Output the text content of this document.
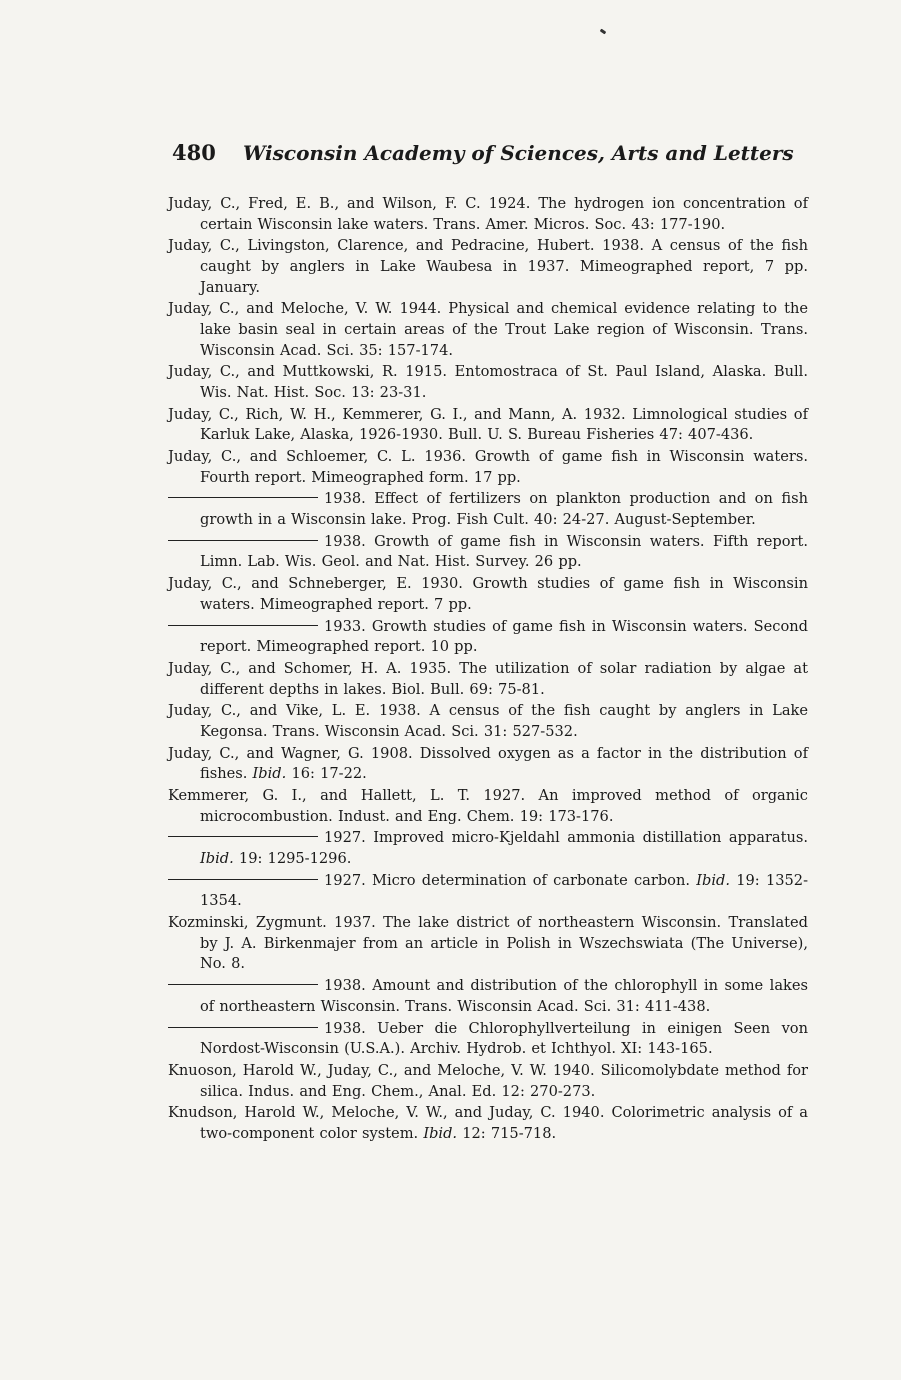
480 Wisconsin Academy of Sciences, Arts and Letters

Juday, C., Fred, E. B., and Wilson, F. C. 1924. The hydrogen ion concentration of certain Wisconsin lake waters. Trans. Amer. Micros. Soc. 43: 177-190.

Juday, C., Livingston, Clarence, and Pedracine, Hubert. 1938. A census of the fish caught by anglers in Lake Waubesa in 1937. Mimeographed report, 7 pp. January.

Juday, C., and Meloche, V. W. 1944. Physical and chemical evidence relating to the lake basin seal in certain areas of the Trout Lake region of Wisconsin. Trans. Wisconsin Acad. Sci. 35: 157-174.

Juday, C., and Muttkowski, R. 1915. Entomostraca of St. Paul Island, Alaska. Bull. Wis. Nat. Hist. Soc. 13: 23-31.

Juday, C., Rich, W. H., Kemmerer, G. I., and Mann, A. 1932. Limnological studies of Karluk Lake, Alaska, 1926-1930. Bull. U. S. Bureau Fisheries 47: 407-436.

Juday, C., and Schloemer, C. L. 1936. Growth of game fish in Wisconsin waters. Fourth report. Mimeographed form. 17 pp.

1938. Effect of fertilizers on plankton production and on fish growth in a Wisconsin lake. Prog. Fish Cult. 40: 24-27. August-September.

1938. Growth of game fish in Wisconsin waters. Fifth report. Limn. Lab. Wis. Geol. and Nat. Hist. Survey. 26 pp.

Juday, C., and Schneberger, E. 1930. Growth studies of game fish in Wisconsin waters. Mimeographed report. 7 pp.

1933. Growth studies of game fish in Wisconsin waters. Second report. Mimeographed report. 10 pp.

Juday, C., and Schomer, H. A. 1935. The utilization of solar radiation by algae at different depths in lakes. Biol. Bull. 69: 75-81.

Juday, C., and Vike, L. E. 1938. A census of the fish caught by anglers in Lake Kegonsa. Trans. Wisconsin Acad. Sci. 31: 527-532.

Juday, C., and Wagner, G. 1908. Dissolved oxygen as a factor in the distribution of fishes. Ibid. 16: 17-22.

Kemmerer, G. I., and Hallett, L. T. 1927. An improved method of organic microcombustion. Indust. and Eng. Chem. 19: 173-176.

1927. Improved micro-Kjeldahl ammonia distillation apparatus. Ibid. 19: 1295-1296.

1927. Micro determination of carbonate carbon. Ibid. 19: 1352-1354.

Kozminski, Zygmunt. 1937. The lake district of northeastern Wisconsin. Translated by J. A. Birkenmajer from an article in Polish in Wszechswiata (The Universe), No. 8.

1938. Amount and distribution of the chlorophyll in some lakes of northeastern Wisconsin. Trans. Wisconsin Acad. Sci. 31: 411-438.

1938. Ueber die Chlorophyllverteilung in einigen Seen von Nordost-Wisconsin (U.S.A.). Archiv. Hydrob. et Ichthyol. XI: 143-165.

Knuoson, Harold W., Juday, C., and Meloche, V. W. 1940. Silicomolybdate method for silica. Indus. and Eng. Chem., Anal. Ed. 12: 270-273.

Knudson, Harold W., Meloche, V. W., and Juday, C. 1940. Colorimetric analysis of a two-component color system. Ibid. 12: 715-718.
